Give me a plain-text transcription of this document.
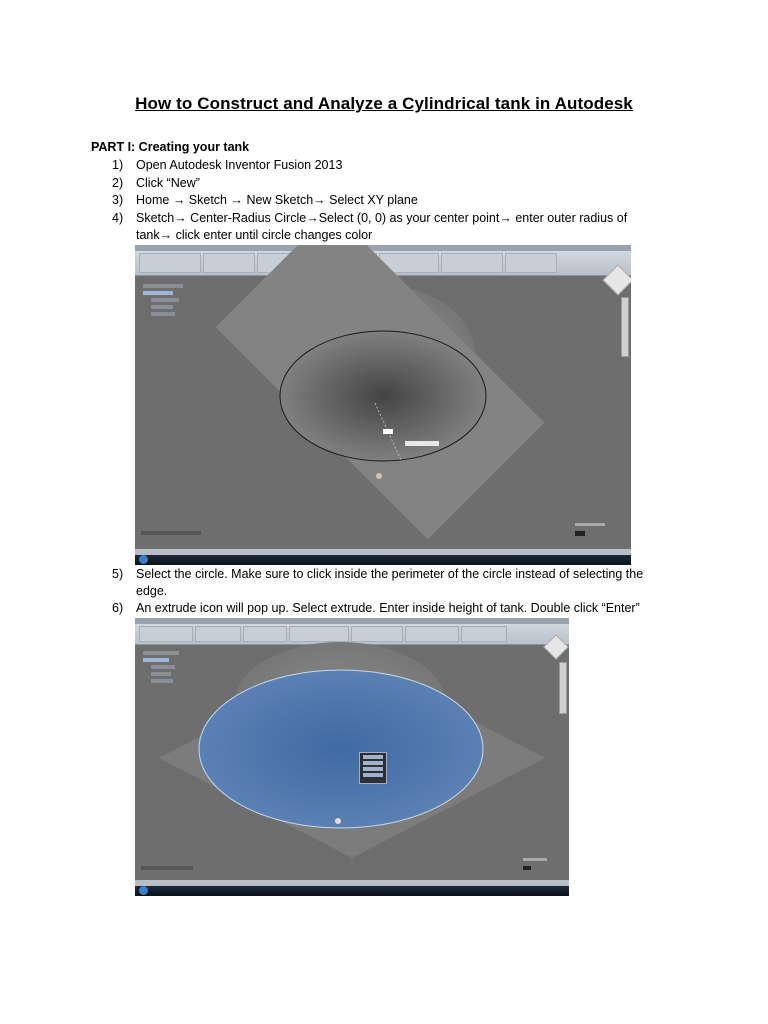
How to Construct and Analyze a Cylindrical tank in Autodesk
PART I: Creating your tank
1) Open Autodesk Inventor Fusion 2013
2) Click “New”
3) Home → Sketch → New Sketch→ Select XY plane
4) Sketch→ Center-Radius Circle→Select (0, 0) as your center point→ enter outer radius of tank→ click enter until circle changes color
5) Select the circle. Make sure to click inside the perimeter of the circle instead of selecting the edge.
6) An extrude icon will pop up. Select extrude. Enter inside height of tank. Double click “Enter”
